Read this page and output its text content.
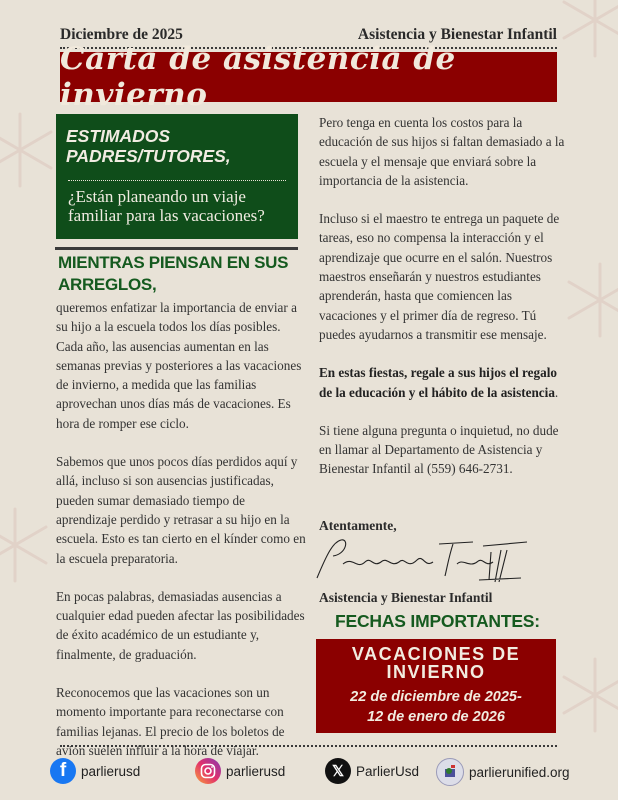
Diciembre de 2025	Asistencia y Bienestar Infantil
Carta de asistencia de invierno
ESTIMADOS PADRES/TUTORES,
¿Están planeando un viaje familiar para las vacaciones?
MIENTRAS PIENSAN EN SUS ARREGLOS,

queremos enfatizar la importancia de enviar a su hijo a la escuela todos los días posibles. Cada año, las ausencias aumentan en las semanas previas y posteriores a las vacaciones de invierno, a medida que las familias aprovechan unos días más de vacaciones. Es hora de romper ese ciclo.

Sabemos que unos pocos días perdidos aquí y allá, incluso si son ausencias justificadas, pueden sumar demasiado tiempo de aprendizaje perdido y retrasar a su hijo en la escuela. Esto es tan cierto en el kínder como en la escuela preparatoria.

En pocas palabras, demasiadas ausencias a cualquier edad pueden afectar las posibilidades de éxito académico de un estudiante y, finalmente, de graduación.

Reconocemos que las vacaciones son un momento importante para reconectarse con familias lejanas. El precio de los boletos de avión suelen influir a la hora de viajar.

Pero tenga en cuenta los costos para la educación de sus hijos si faltan demasiado a la escuela y el mensaje que enviará sobre la importancia de la asistencia.

Incluso si el maestro te entrega un paquete de tareas, eso no compensa la interacción y el aprendizaje que ocurre en el salón. Nuestros maestros enseñarán y nuestros estudiantes aprenderán, hasta que comiencen las vacaciones y el primer día de regreso. Tú puedes ayudarnos a transmitir ese mensaje.

En estas fiestas, regale a sus hijos el regalo de la educación y el hábito de la asistencia.

Si tiene alguna pregunta o inquietud, no dude en llamar al Departamento de Asistencia y Bienestar Infantil al (559) 646-2731.

Atentamente,
Asistencia y Bienestar Infantil
FECHAS IMPORTANTES:
VACACIONES DE INVIERNO
22 de diciembre de 2025-
12 de enero de 2026
f	parlierusd	parlierusd	𝕏 ParlierUsd	parlierunified.org
